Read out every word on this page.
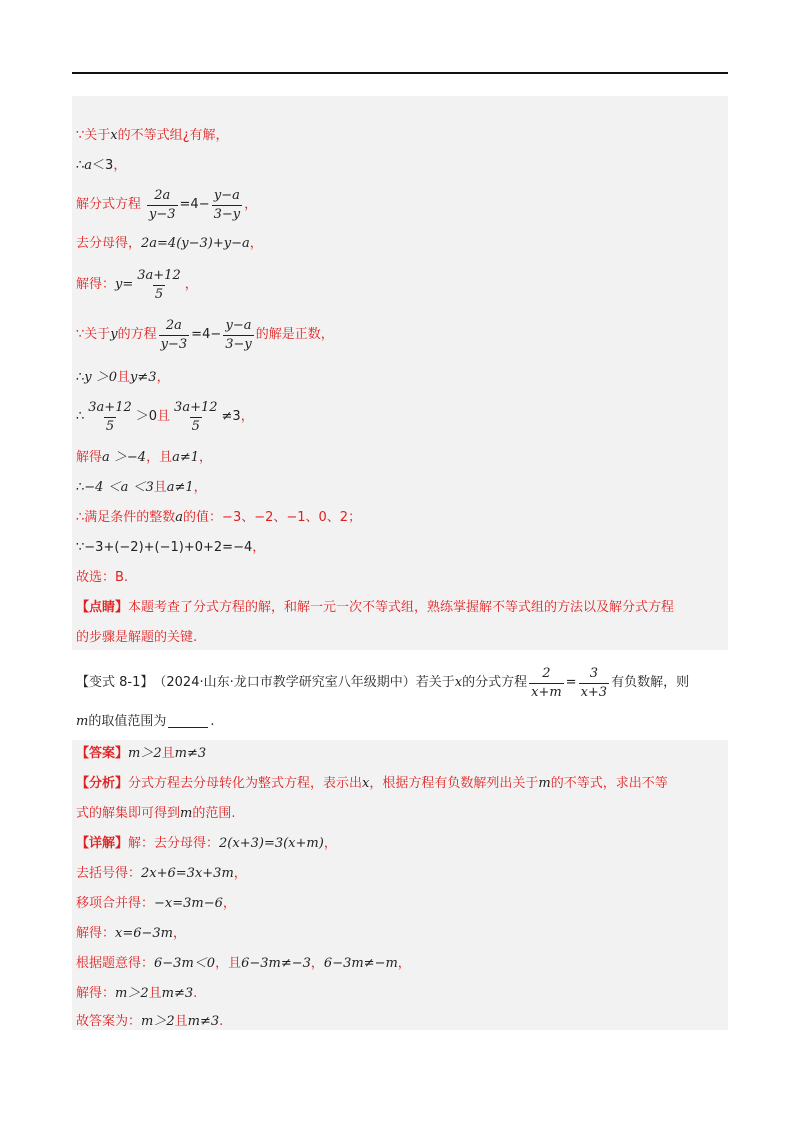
∵关于 x 的不等式组¿有解，
∴ a ＜3 ，
解分式方程 $\frac{2a}{y-3} =4- \frac{y-a}{3-y}$ ，
去分母得， 2a=4(y−3)+y−a ，
解得： $y= \frac{3a+12}{5}$ ，
∵关于 y 的方程 $\frac{2a}{y-3} =4- \frac{y-a}{3-y}$ 的解是正数，
∴ y ＞0 且 y≠3 ，
∴ $\frac{3a+12}{5} >0$ 且 $\frac{3a+12}{5} \ne 3$ ，
解得 a ＞−4 ，且 a≠1 ，
∴ −4 ＜a ＜3 且 a≠1 ，
∴满足条件的整数 a 的值：−3、−2、−1、0、2；
∵ −3+(−2)+(−1)+0+2=−4 ，
故选：B.
【点睛】 本题考查了分式方程的解，和解一元一次不等式组，熟练掌握解不等式组的方法以及解分式方程
的步骤是解题的关键.
【变式 8-1】 （2024·山东·龙口市教学研究室八年级期中） 若关于 x 的分式方程 $\frac{2}{x+m} = \frac{3}{x+3}$ 有负数解，则
m 的取值范围为	.
【答案】 m＞2 且 m≠3
【分析】 分式方程去分母转化为整式方程，表示出 x ，根据方程有负数解列出关于 m 的不等式，求出不等
式的解集即可得到 m 的范围.
【详解】 解：去分母得： 2(x+3)=3(x+m) ，
去括号得： 2x+6=3x+3m ，
移项合并得： −x=3m−6 ，
解得： x=6−3m ，
根据题意得： 6−3m＜0 ，且 6−3m≠−3 ， 6−3m≠−m ，
解得： m＞2 且 m≠3 .
故答案为： m＞2 且 m≠3 .
